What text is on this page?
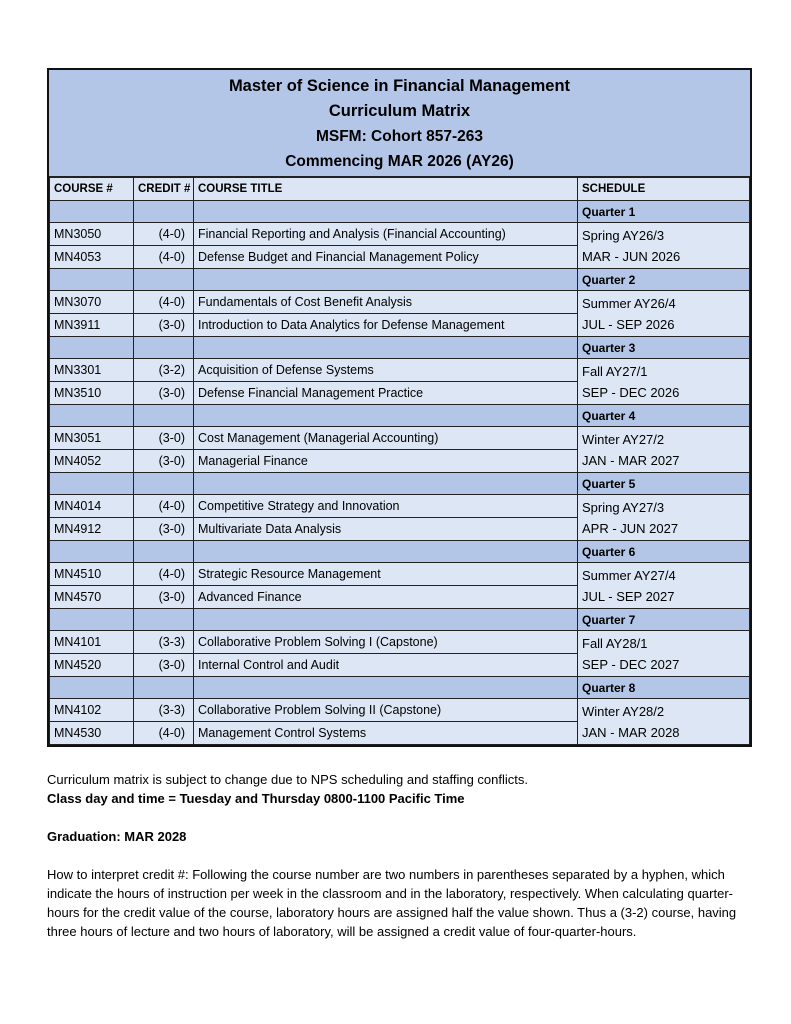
Master of Science in Financial Management
Curriculum Matrix
MSFM: Cohort 857-263
Commencing MAR 2026 (AY26)
COURSE #	CREDIT #	COURSE TITLE	SCHEDULE
			Quarter 1
MN3050	(4-0)	Financial Reporting and Analysis (Financial Accounting)	Spring AY26/3
MAR - JUN 2026

MN4053	(4-0)	Defense Budget and Financial Management Policy	
			Quarter 2
MN3070	(4-0)	Fundamentals of Cost Benefit Analysis	Summer AY26/4
JUL - SEP 2026

MN3911	(3-0)	Introduction to Data Analytics for Defense Management	
			Quarter 3
MN3301	(3-2)	Acquisition of Defense Systems	Fall AY27/1
SEP - DEC 2026

MN3510	(3-0)	Defense Financial Management Practice	
			Quarter 4
MN3051	(3-0)	Cost Management (Managerial Accounting)	Winter AY27/2
JAN - MAR 2027

MN4052	(3-0)	Managerial Finance	
			Quarter 5
MN4014	(4-0)	Competitive Strategy and Innovation	Spring AY27/3
APR - JUN 2027

MN4912	(3-0)	Multivariate Data Analysis	
			Quarter 6
MN4510	(4-0)	Strategic Resource Management	Summer AY27/4
JUL - SEP 2027

MN4570	(3-0)	Advanced Finance	
			Quarter 7
MN4101	(3-3)	Collaborative Problem Solving I (Capstone)	Fall AY28/1
SEP - DEC 2027

MN4520	(3-0)	Internal Control and Audit	
			Quarter 8
MN4102	(3-3)	Collaborative Problem Solving II (Capstone)	Winter AY28/2
JAN - MAR 2028

MN4530	(4-0)	Management Control Systems	

Curriculum matrix is subject to change due to NPS scheduling and staffing conflicts.

Class day and time = Tuesday and Thursday 0800-1100 Pacific Time

Graduation: MAR 2028

How to interpret credit #: Following the course number are two numbers in parentheses separated by a hyphen, which indicate the hours of instruction per week in the classroom and in the laboratory, respectively. When calculating quarter-hours for the credit value of the course, laboratory hours are assigned half the value shown. Thus a (3-2) course, having three hours of lecture and two hours of laboratory, will be assigned a credit value of four-quarter-hours.
